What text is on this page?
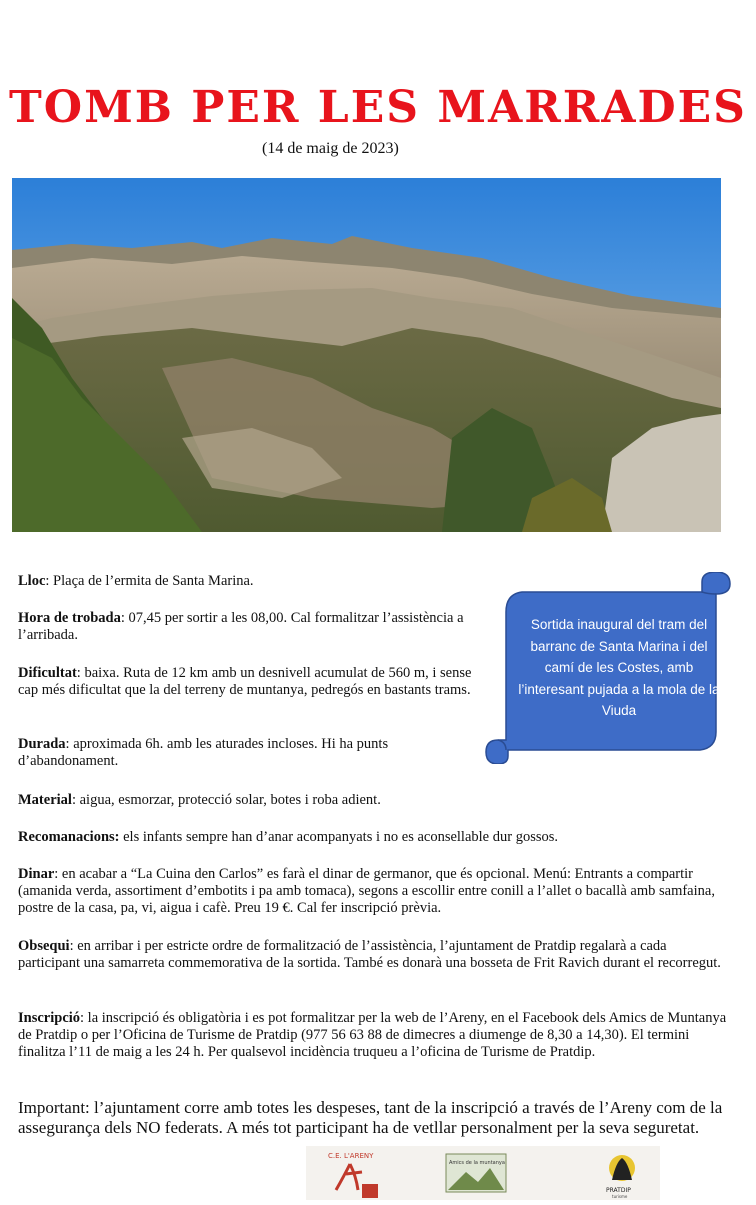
TOMB PER LES MARRADES
(14 de maig de 2023)
Lloc: Plaça de l’ermita de Santa Marina.
Hora de trobada: 07,45 per sortir a les 08,00. Cal formalitzar l’assistència a l’arribada.
Dificultat: baixa. Ruta de 12 km amb un desnivell acumulat de 560 m, i sense cap més dificultat que la del terreny de muntanya, pedregós en bastants trams.
Durada: aproximada 6h. amb les aturades incloses. Hi ha punts d’abandonament.
Material: aigua, esmorzar, protecció solar, botes i roba adient.
Recomanacions: els infants sempre han d’anar acompanyats i no es aconsellable dur gossos.
Dinar: en acabar a “La Cuina den Carlos” es farà el dinar de germanor, que és opcional. Menú: Entrants a compartir (amanida verda, assortiment d’embotits i pa amb tomaca), segons a escollir entre conill a l’allet o bacallà amb samfaina, postre de la casa, pa, vi, aigua i cafè. Preu 19 €. Cal fer inscripció prèvia.
Obsequi: en arribar i per estricte ordre de formalització de l’assistència, l’ajuntament de Pratdip regalarà a cada participant una samarreta commemorativa de la sortida. També es donarà una bosseta de Frit Ravich durant el recorregut.
Inscripció: la inscripció és obligatòria i es pot formalitzar per la web de l’Areny, en el Facebook dels Amics de Muntanya de Pratdip o per l’Oficina de Turisme de Pratdip (977 56 63 88 de dimecres a diumenge de 8,30 a 14,30). El termini finalitza l’11 de maig a les 24 h. Per qualsevol incidència truqueu a l’oficina de Turisme de Pratdip.
Important: l’ajuntament corre amb totes les despeses, tant de la inscripció a través de l’Areny com de la assegurança dels NO federats. A més tot participant ha de vetllar personalment per la seva seguretat.
Sortida inaugural del tram del barranc de Santa Marina i del camí de les Costes, amb l’interesant pujada a la mola de la Viuda
C.E. L'ARENY
Amics de la muntanya
PRATDIP
turisme
